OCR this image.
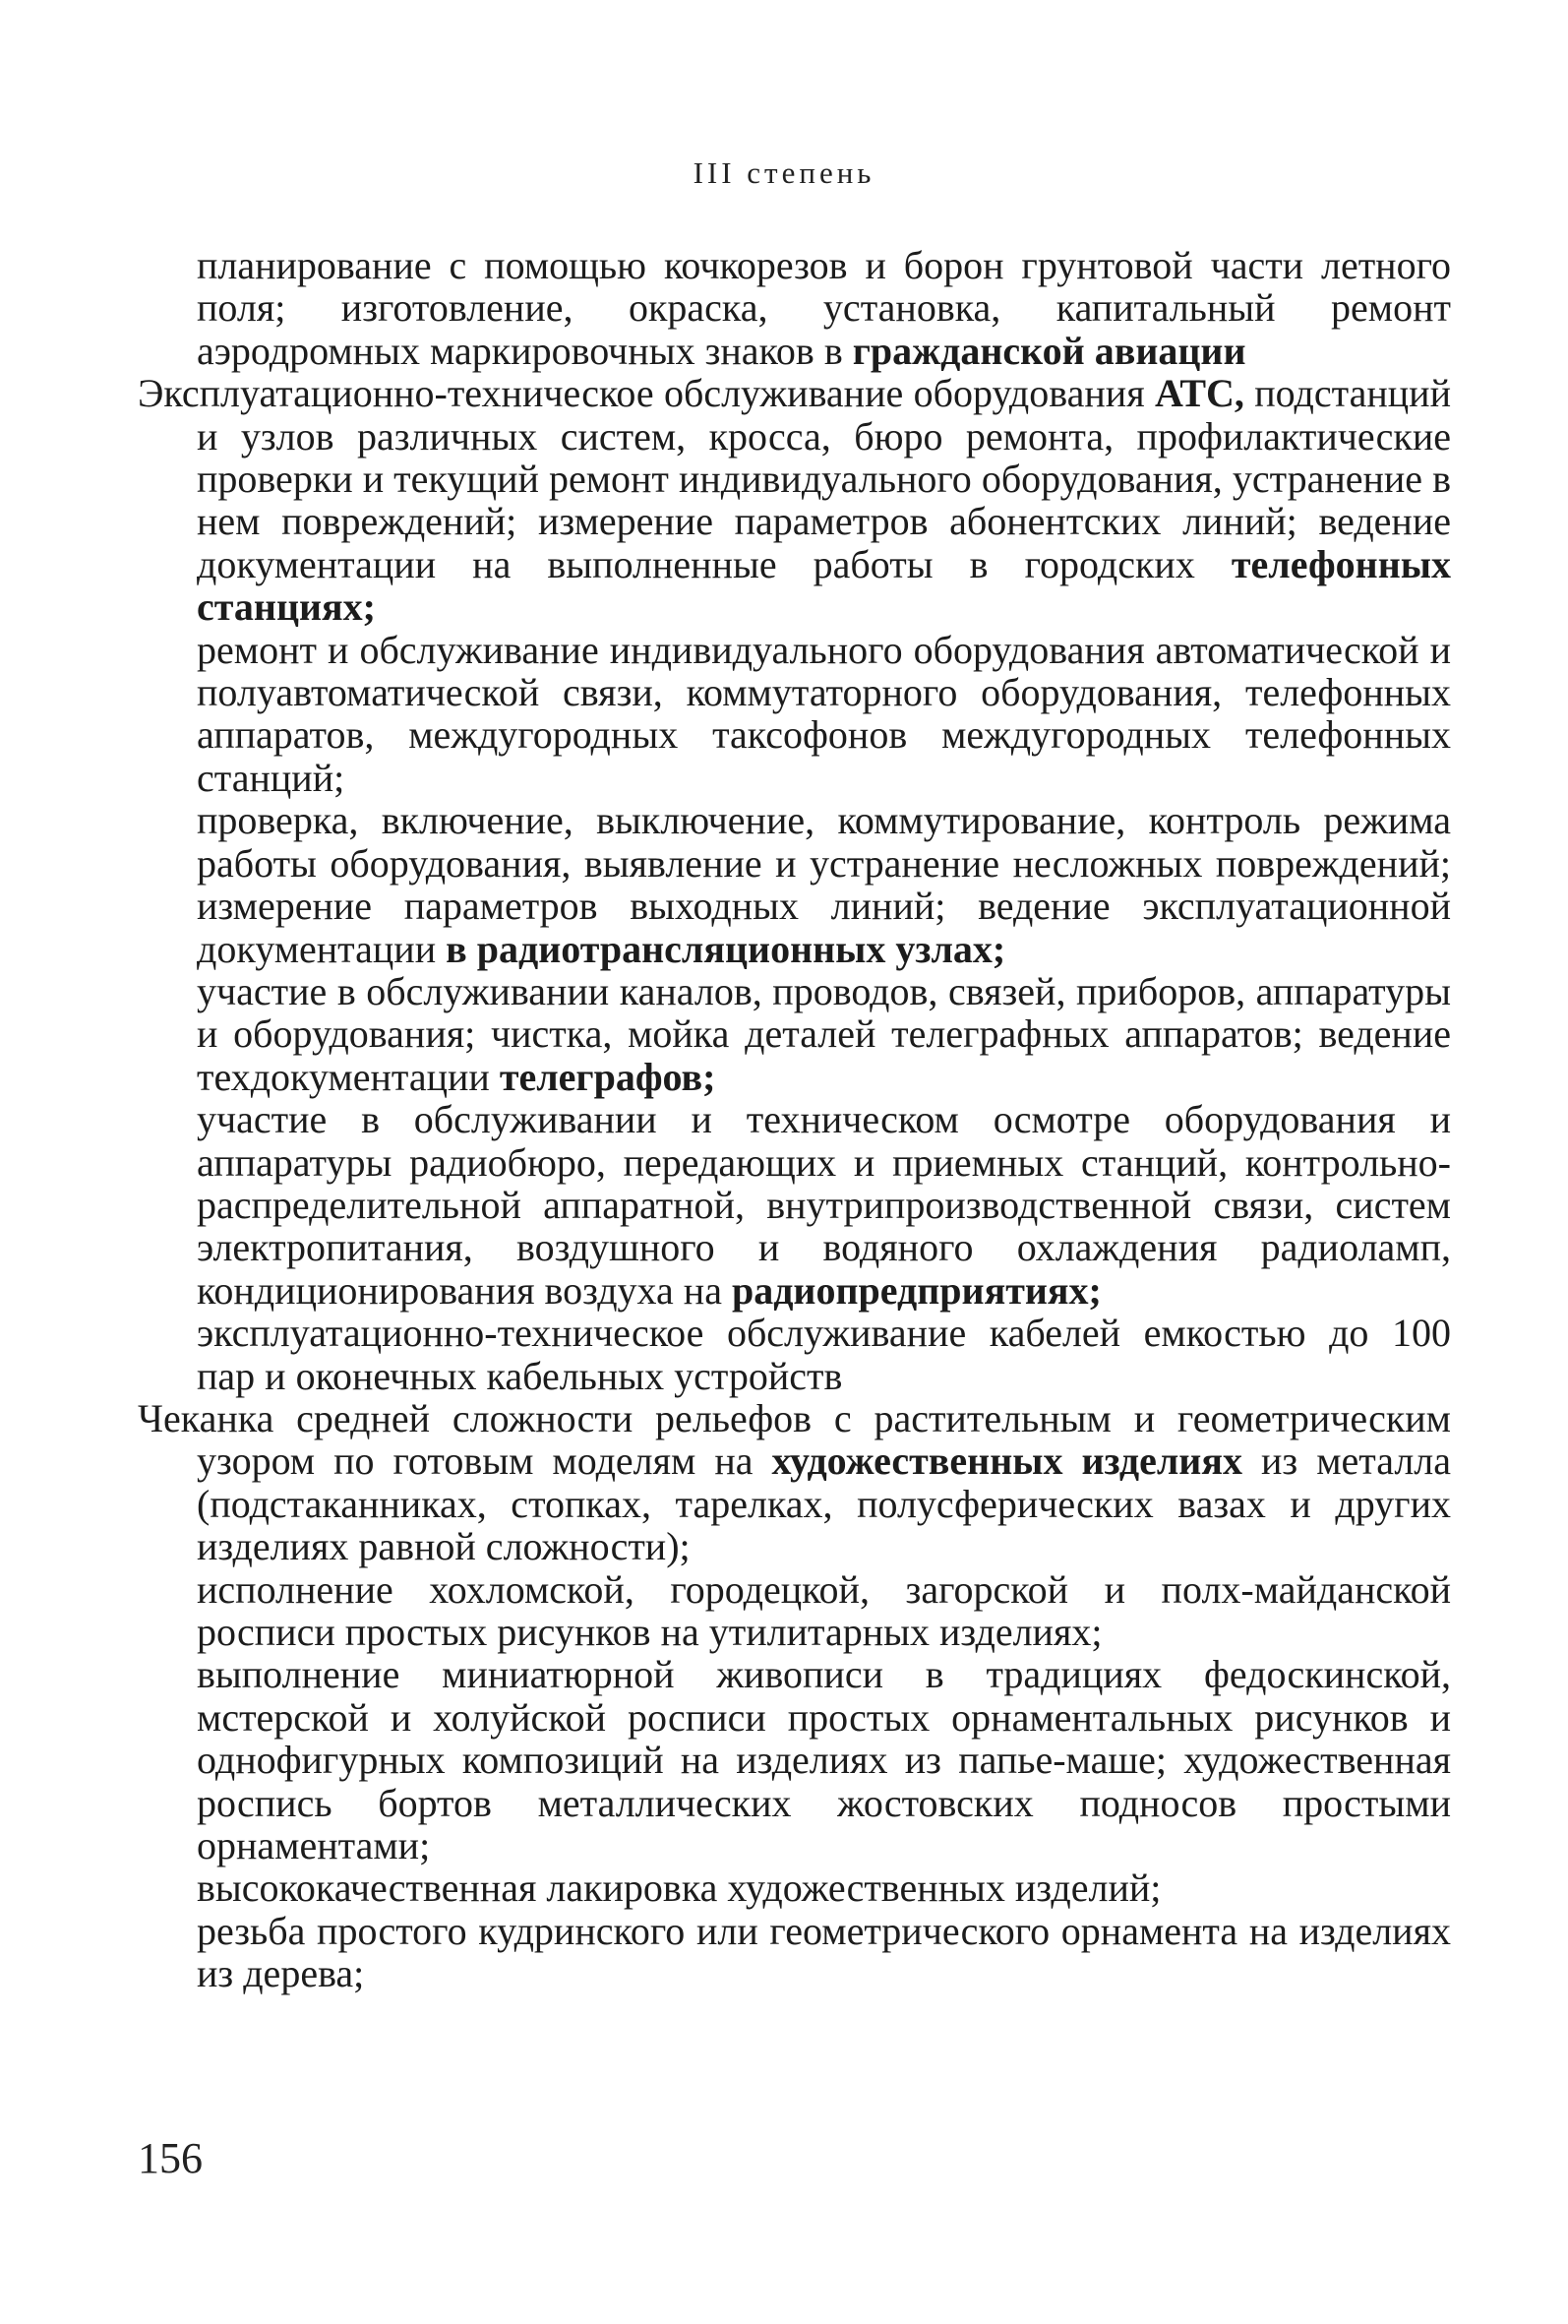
III степень
планирование с помощью кочкорезов и борон грунтовой части летного поля; изготовление, окраска, установка, капитальный ремонт аэродромных маркировочных знаков в гражданской авиации
Эксплуатационно-техническое обслуживание оборудования АТС, подстанций и узлов различных систем, кросса, бюро ремонта, профилактические проверки и текущий ремонт индивидуального оборудования, устранение в нем повреждений; измерение параметров абонентских линий; ведение документации на выполненные работы в городских телефонных станциях;
ремонт и обслуживание индивидуального оборудования автоматической и полуавтоматической связи, коммутаторного оборудования, телефонных аппаратов, междугородных таксофонов междугородных телефонных станций;
проверка, включение, выключение, коммутирование, контроль режима работы оборудования, выявление и устранение несложных повреждений; измерение параметров выходных линий; ведение эксплуатационной документации в радиотрансляционных узлах;
участие в обслуживании каналов, проводов, связей, приборов, аппаратуры и оборудования; чистка, мойка деталей телеграфных аппаратов; ведение техдокументации телеграфов;
участие в обслуживании и техническом осмотре оборудования и аппаратуры радиобюро, передающих и приемных станций, контрольно-распределительной аппаратной, внутрипроизводственной связи, систем электропитания, воздушного и водяного охлаждения радиоламп, кондиционирования воздуха на радиопредприятиях;
эксплуатационно-техническое обслуживание кабелей емкостью до 100 пар и оконечных кабельных устройств
Чеканка средней сложности рельефов с растительным и геометрическим узором по готовым моделям на художественных изделиях из металла (подстаканниках, стопках, тарелках, полусферических вазах и других изделиях равной сложности);
исполнение хохломской, городецкой, загорской и полх-майданской росписи простых рисунков на утилитарных изделиях;
выполнение миниатюрной живописи в традициях федоскинской, мстерской и холуйской росписи простых орнаментальных рисунков и однофигурных композиций на изделиях из папье-маше; художественная роспись бортов металлических жостовских подносов простыми орнаментами;
высококачественная лакировка художественных изделий;
резьба простого кудринского или геометрического орнамента на изделиях из дерева;
156
